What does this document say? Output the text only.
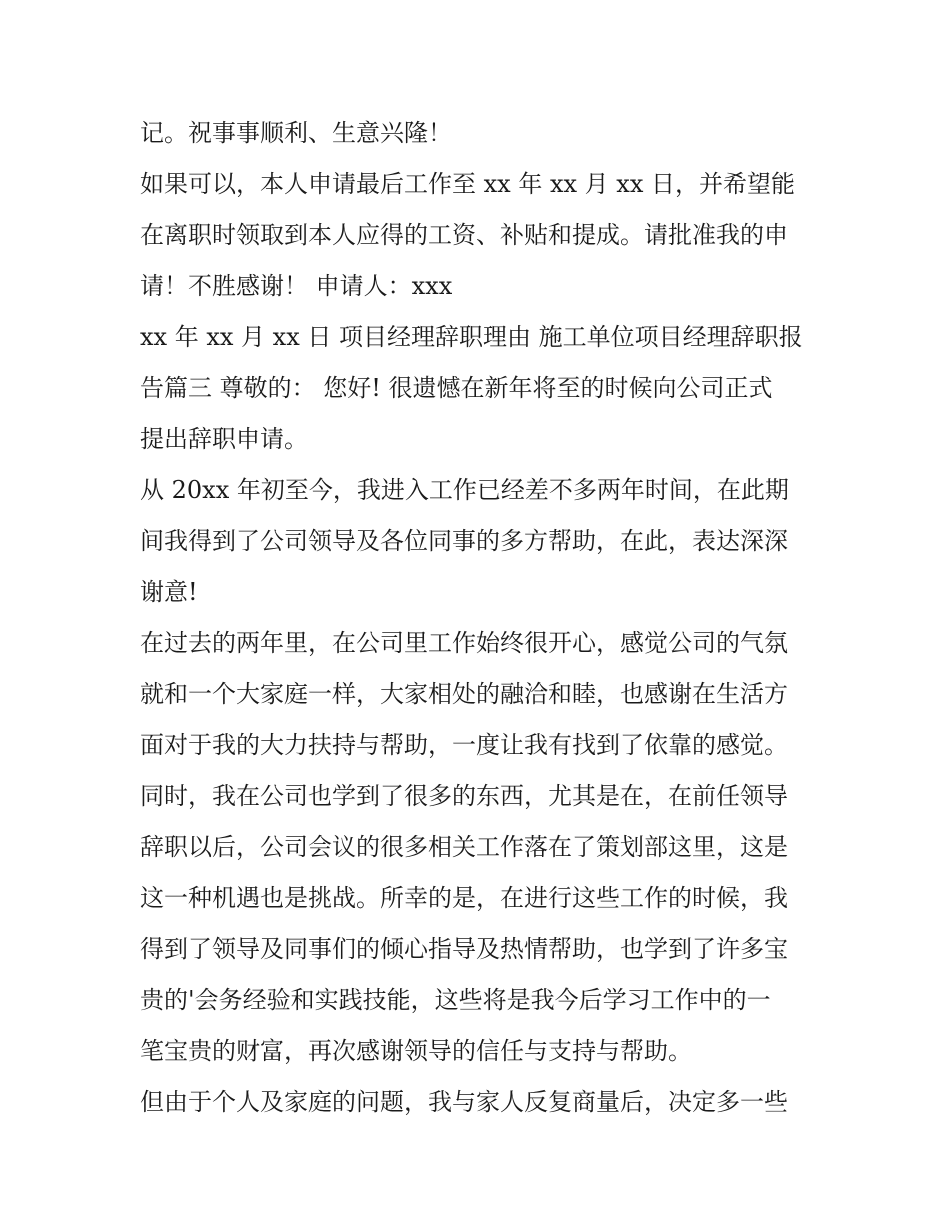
记。祝事事顺利、生意兴隆！
如果可以，本人申请最后工作至 xx 年 xx 月 xx 日，并希望能
在离职时领取到本人应得的工资、补贴和提成。请批准我的申
请！不胜感谢！ 申请人：xxx
xx 年 xx 月 xx 日 项目经理辞职理由 施工单位项目经理辞职报
告篇三 尊敬的： 您好! 很遗憾在新年将至的时候向公司正式
提出辞职申请。
从 20xx 年初至今，我进入工作已经差不多两年时间，在此期
间我得到了公司领导及各位同事的多方帮助，在此，表达深深
谢意!
在过去的两年里，在公司里工作始终很开心，感觉公司的气氛
就和一个大家庭一样，大家相处的融洽和睦，也感谢在生活方
面对于我的大力扶持与帮助，一度让我有找到了依靠的感觉。
同时，我在公司也学到了很多的东西，尤其是在，在前任领导
辞职以后，公司会议的很多相关工作落在了策划部这里，这是
这一种机遇也是挑战。所幸的是，在进行这些工作的时候，我
得到了领导及同事们的倾心指导及热情帮助，也学到了许多宝
贵的'会务经验和实践技能，这些将是我今后学习工作中的一
笔宝贵的财富，再次感谢领导的信任与支持与帮助。
但由于个人及家庭的问题，我与家人反复商量后，决定多一些
